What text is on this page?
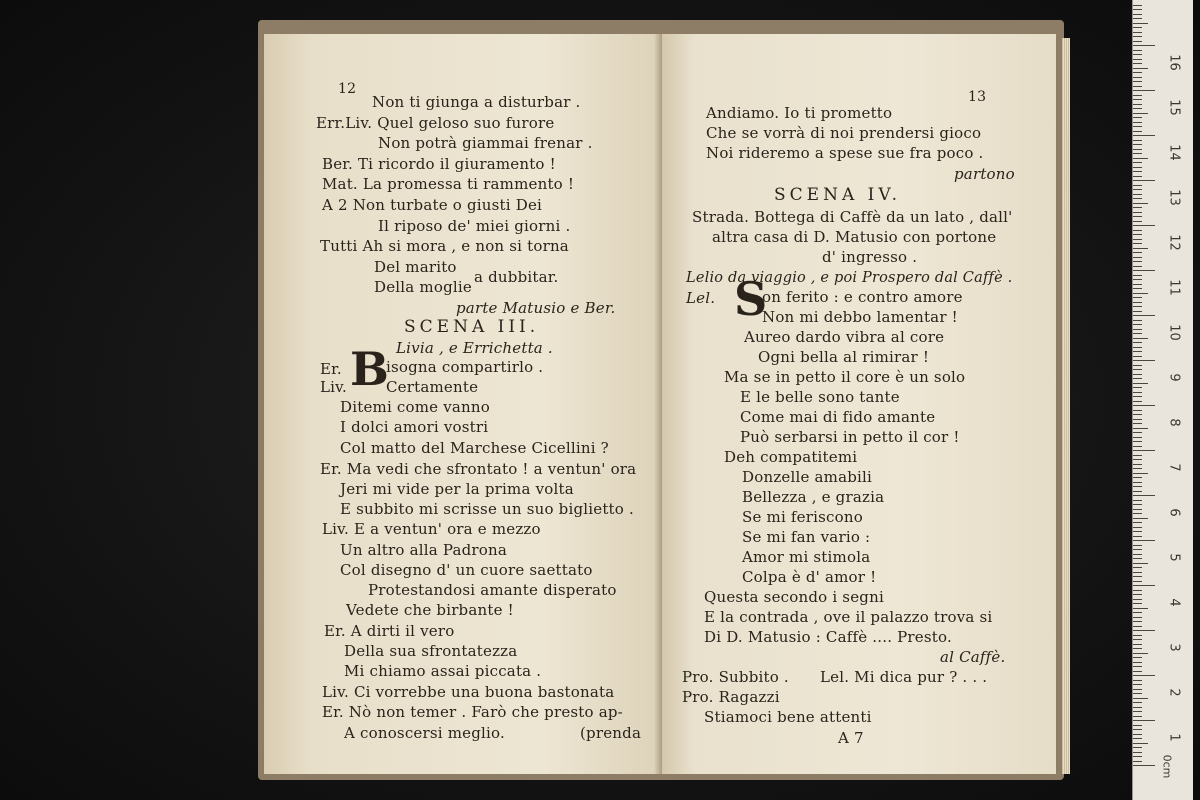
12
Non ti giunga a disturbar .
Err.Liv. Quel geloso suo furore
Non potrà giammai frenar .
Ber. Ti ricordo il giuramento !
Mat. La promessa ti rammento !
A 2 Non turbate o giusti Dei
Il riposo de' miei giorni .
Tutti Ah si mora , e non si torna
Del marito
a dubbitar.
Della moglie
parte Matusio e Ber.
SCENA III.
Livia , e Errichetta .
Er. B
isogna compartirlo .
Liv.	Certamente
Ditemi come vanno
I dolci amori vostri
Col matto del Marchese Cicellini ?
Er. Ma vedi che sfrontato ! a ventun' ora
Jeri mi vide per la prima volta
E subbito mi scrisse un suo biglietto .
Liv. E a ventun' ora e mezzo
Un altro alla Padrona
Col disegno d' un cuore saettato
Protestandosi amante disperato
Vedete che birbante !
Er. A dirti il vero
Della sua sfrontatezza
Mi chiamo assai piccata .
Liv. Ci vorrebbe una buona bastonata
Er. Nò non temer . Farò che presto ap-
A conoscersi meglio.	(prenda
13
Andiamo. Io ti prometto
Che se vorrà di noi prendersi gioco
Noi rideremo a spese sue fra poco .
partono
SCENA IV.
Strada. Bottega di Caffè da un lato , dall'
altra casa di D. Matusio con portone
d' ingresso .
Lelio da viaggio , e poi Prospero dal Caffè .
Lel. S
on ferito : e contro amore
Non mi debbo lamentar !
Aureo dardo vibra al core
Ogni bella al rimirar !
Ma se in petto il core è un solo
E le belle sono tante
Come mai di fido amante
Può serbarsi in petto il cor !
Deh compatitemi
Donzelle amabili
Bellezza , e grazia
Se mi feriscono
Se mi fan vario :
Amor mi stimola
Colpa è d' amor !
Questa secondo i segni
E la contrada , ove il palazzo trova si
Di D. Matusio : Caffè .... Presto.
al Caffè.
Pro. Subbito . Lel. Mi dica pur ? . . .
Pro. Ragazzi
Stiamoci bene attenti
A 7
0cm
1
2
3
4
5
6
7
8
9
10
11
12
13
14
15
16
